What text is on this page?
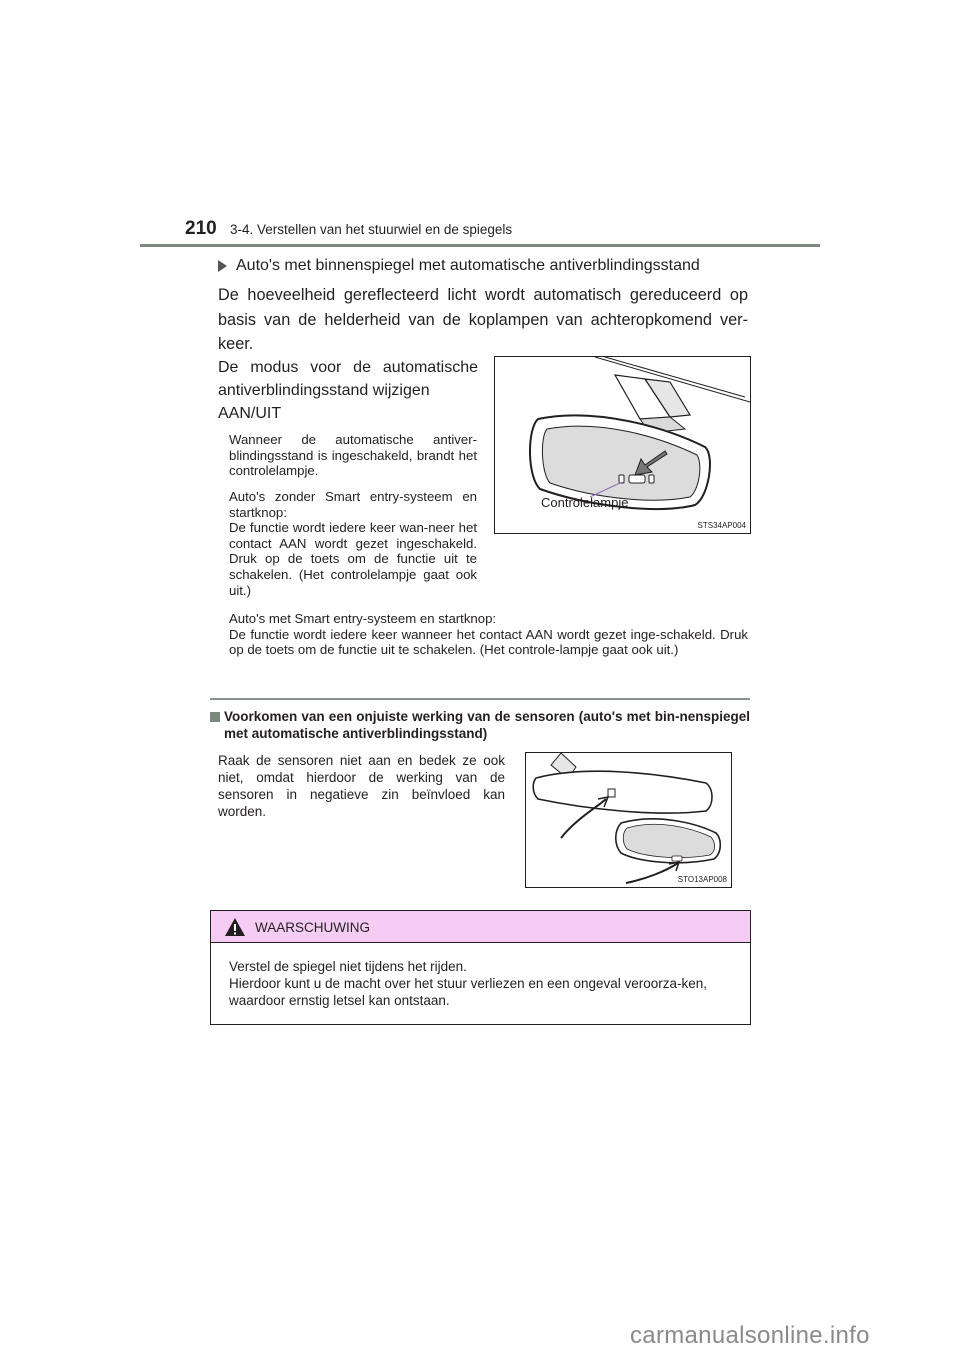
210 3-4. Verstellen van het stuurwiel en de spiegels
Auto's met binnenspiegel met automatische antiverblindingsstand
De hoeveelheid gereflecteerd licht wordt automatisch gereduceerd op basis van de helderheid van de koplampen van achteropkomend ver-keer.
De modus voor de automatische antiverblindingsstand wijzigen
AAN/UIT
Wanneer de automatische antiver-blindingsstand is ingeschakeld, brandt het controlelampje.
Auto's zonder Smart entry-systeem en startknop:
De functie wordt iedere keer wan-neer het contact AAN wordt gezet ingeschakeld. Druk op de toets om de functie uit te schakelen. (Het controlelampje gaat ook uit.)
Auto's met Smart entry-systeem en startknop:
De functie wordt iedere keer wanneer het contact AAN wordt gezet inge-schakeld. Druk op de toets om de functie uit te schakelen. (Het controle-lampje gaat ook uit.)
Controlelampje
STS34AP004
Voorkomen van een onjuiste werking van de sensoren (auto's met bin-nenspiegel met automatische antiverblindingsstand)
Raak de sensoren niet aan en bedek ze ook niet, omdat hierdoor de werking van de sensoren in negatieve zin beïnvloed kan worden.
STO13AP008
WAARSCHUWING
Verstel de spiegel niet tijdens het rijden.
Hierdoor kunt u de macht over het stuur verliezen en een ongeval veroorza-ken, waardoor ernstig letsel kan ontstaan.
carmanualsonline.info
